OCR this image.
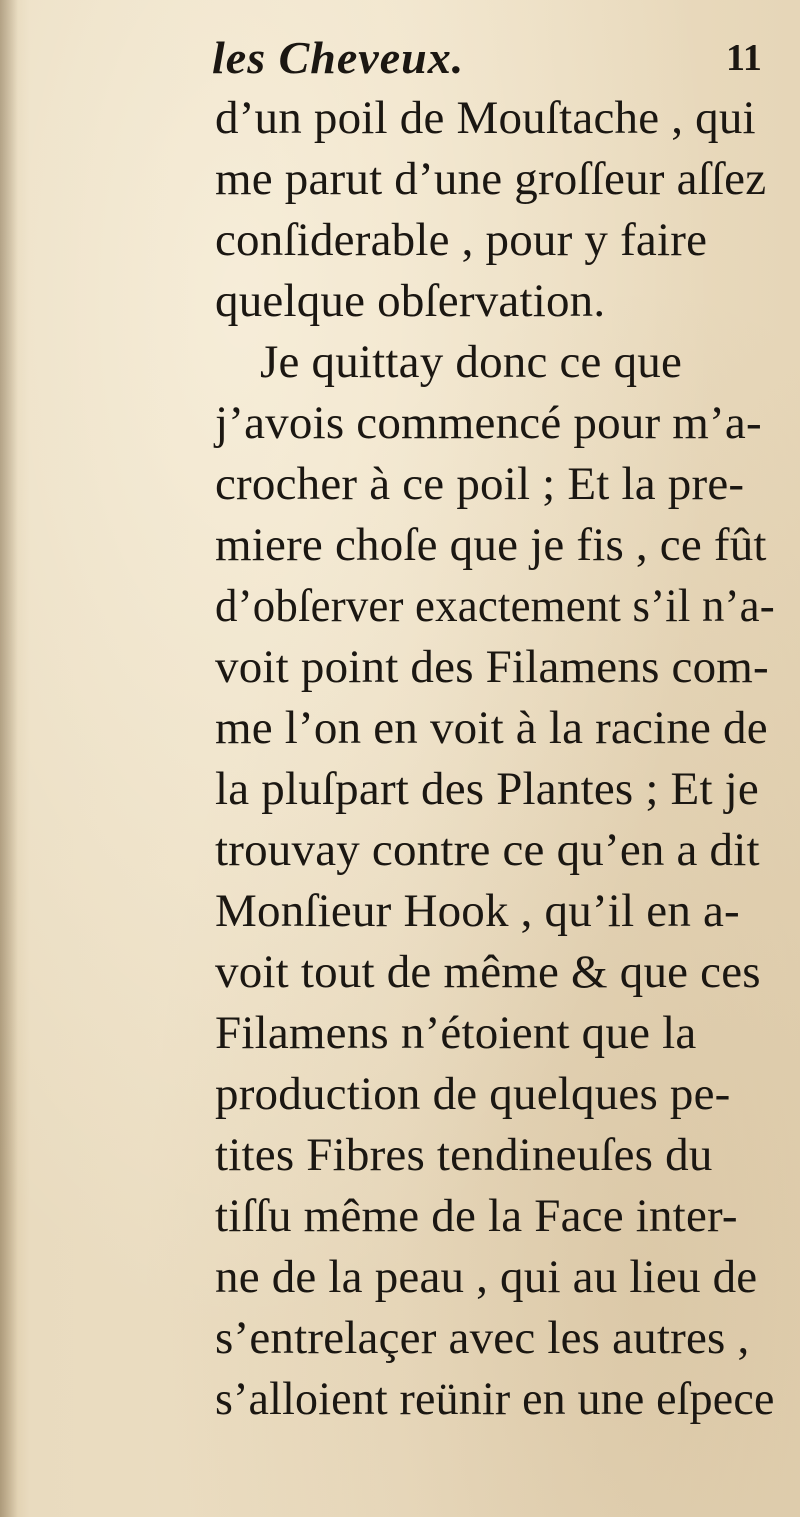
les Cheveux.	11
d’un poil de Mouſtache , qui
me parut d’une groſſeur aſſez
conſiderable , pour y faire
quelque obſervation.
Je quittay donc ce que
j’avois commencé pour m’a-
crocher à ce poil ; Et la pre-
miere choſe que je fis , ce fût
d’obſerver exactement s’il n’a-
voit point des Filamens com-
me l’on en voit à la racine de
la pluſpart des Plantes ; Et je
trouvay contre ce qu’en a dit
Monſieur Hook , qu’il en a-
voit tout de même & que ces
Filamens n’étoient que la
production de quelques pe-
tites Fibres tendineuſes du
tiſſu même de la Face inter-
ne de la peau , qui au lieu de
s’entrelaçer avec les autres ,
s’alloient reünir en une eſpece
